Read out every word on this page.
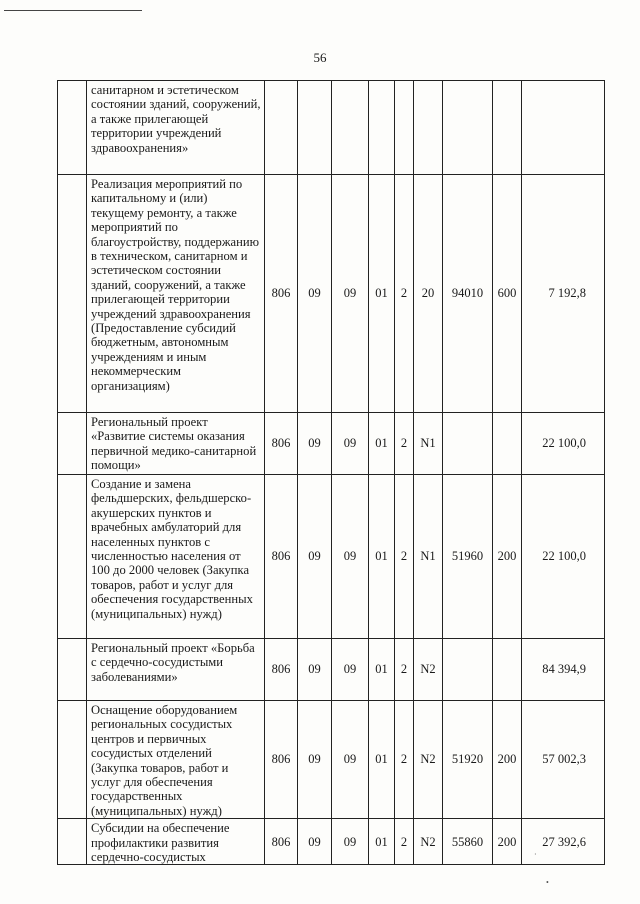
56
	санитарном и эстетическом состоянии зданий, сооружений, а также прилегающей территории учреждений здравоохранения»									
	Реализация мероприятий по капитальному и (или) текущему ремонту, а также мероприятий по благоустройству, поддержанию в техническом, санитарном и эстетическом состоянии зданий, сооружений, а также прилегающей территории учреждений здравоохранения (Предоставление субсидий бюджетным, автономным учреждениям и иным некоммерческим организациям)	806	09	09	01	2	20	94010	600	7 192,8
	Региональный проект «Развитие системы оказания первичной медико-санитарной помощи»	806	09	09	01	2	N1			22 100,0
	Создание и замена фельдшерских, фельдшерско-акушерских пунктов и врачебных амбулаторий для населенных пунктов с численностью населения от 100 до 2000 человек (Закупка товаров, работ и услуг для обеспечения государственных (муниципальных) нужд)	806	09	09	01	2	N1	51960	200	22 100,0
	Региональный проект «Борьба с сердечно-сосудистыми заболеваниями»	806	09	09	01	2	N2			84 394,9
	Оснащение оборудованием региональных сосудистых центров и первичных сосудистых отделений (Закупка товаров, работ и услуг для обеспечения государственных (муниципальных) нужд)	806	09	09	01	2	N2	51920	200	57 002,3
	Субсидии на обеспечение профилактики развития сердечно-сосудистых	806	09	09	01	2	N2	55860	200	27 392,6
·
•
